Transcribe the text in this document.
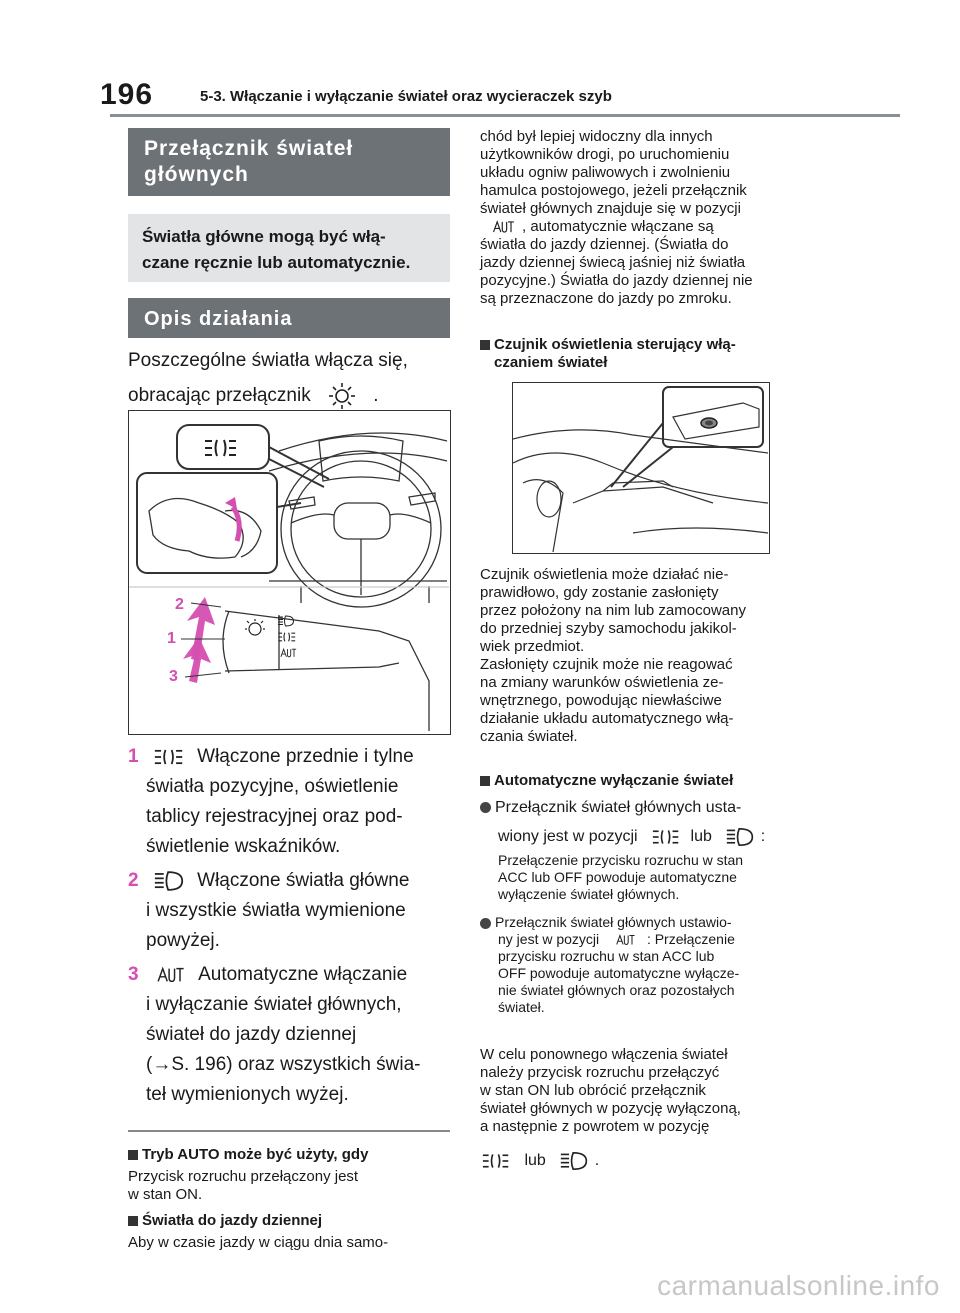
196	5-3. Włączanie i wyłączanie świateł oraz wycieraczek szyb
Przełącznik świateł
głównych
Światła główne mogą być włą-
czane ręcznie lub automatycznie.
Opis działania
Poszczególne światła włącza się,
obracając przełącznik	.
2
1
3
1	Włączone przednie i tylne
światła pozycyjne, oświetlenie
tablicy rejestracyjnej oraz pod-
świetlenie wskaźników.
2	Włączone światła główne
i wszystkie światła wymienione
powyżej.
3	Automatyczne włączanie
i wyłączanie świateł głównych,
świateł do jazdy dziennej
(→S. 196) oraz wszystkich świa-
teł wymienionych wyżej.
Tryb AUTO może być użyty, gdy
Przycisk rozruchu przełączony jest
w stan ON.
Światła do jazdy dziennej
Aby w czasie jazdy w ciągu dnia samo-
chód był lepiej widoczny dla innych
użytkowników drogi, po uruchomieniu
układu ogniw paliwowych i zwolnieniu
hamulca postojowego, jeżeli przełącznik
świateł głównych znajduje się w pozycji
, automatycznie włączane są
światła do jazdy dziennej. (Światła do
jazdy dziennej świecą jaśniej niż światła
pozycyjne.) Światła do jazdy dziennej nie
są przeznaczone do jazdy po zmroku.
Czujnik oświetlenia sterujący włą-
czaniem świateł
Czujnik oświetlenia może działać nie-
prawidłowo, gdy zostanie zasłonięty
przez położony na nim lub zamocowany
do przedniej szyby samochodu jakikol-
wiek przedmiot.
Zasłonięty czujnik może nie reagować
na zmiany warunków oświetlenia ze-
wnętrznego, powodując niewłaściwe
działanie układu automatycznego włą-
czania świateł.
Automatyczne wyłączanie świateł
Przełącznik świateł głównych usta-
wiony jest w pozycji	lub	:
Przełączenie przycisku rozruchu w stan
ACC lub OFF powoduje automatyczne
wyłączenie świateł głównych.
Przełącznik świateł głównych ustawio-
ny jest w pozycji	: Przełączenie
przycisku rozruchu w stan ACC lub
OFF powoduje automatyczne wyłącze-
nie świateł głównych oraz pozostałych
świateł.
W celu ponownego włączenia świateł
należy przycisk rozruchu przełączyć
w stan ON lub obrócić przełącznik
świateł głównych w pozycję wyłączoną,
a następnie z powrotem w pozycję
lub	.
carmanualsonline.info
